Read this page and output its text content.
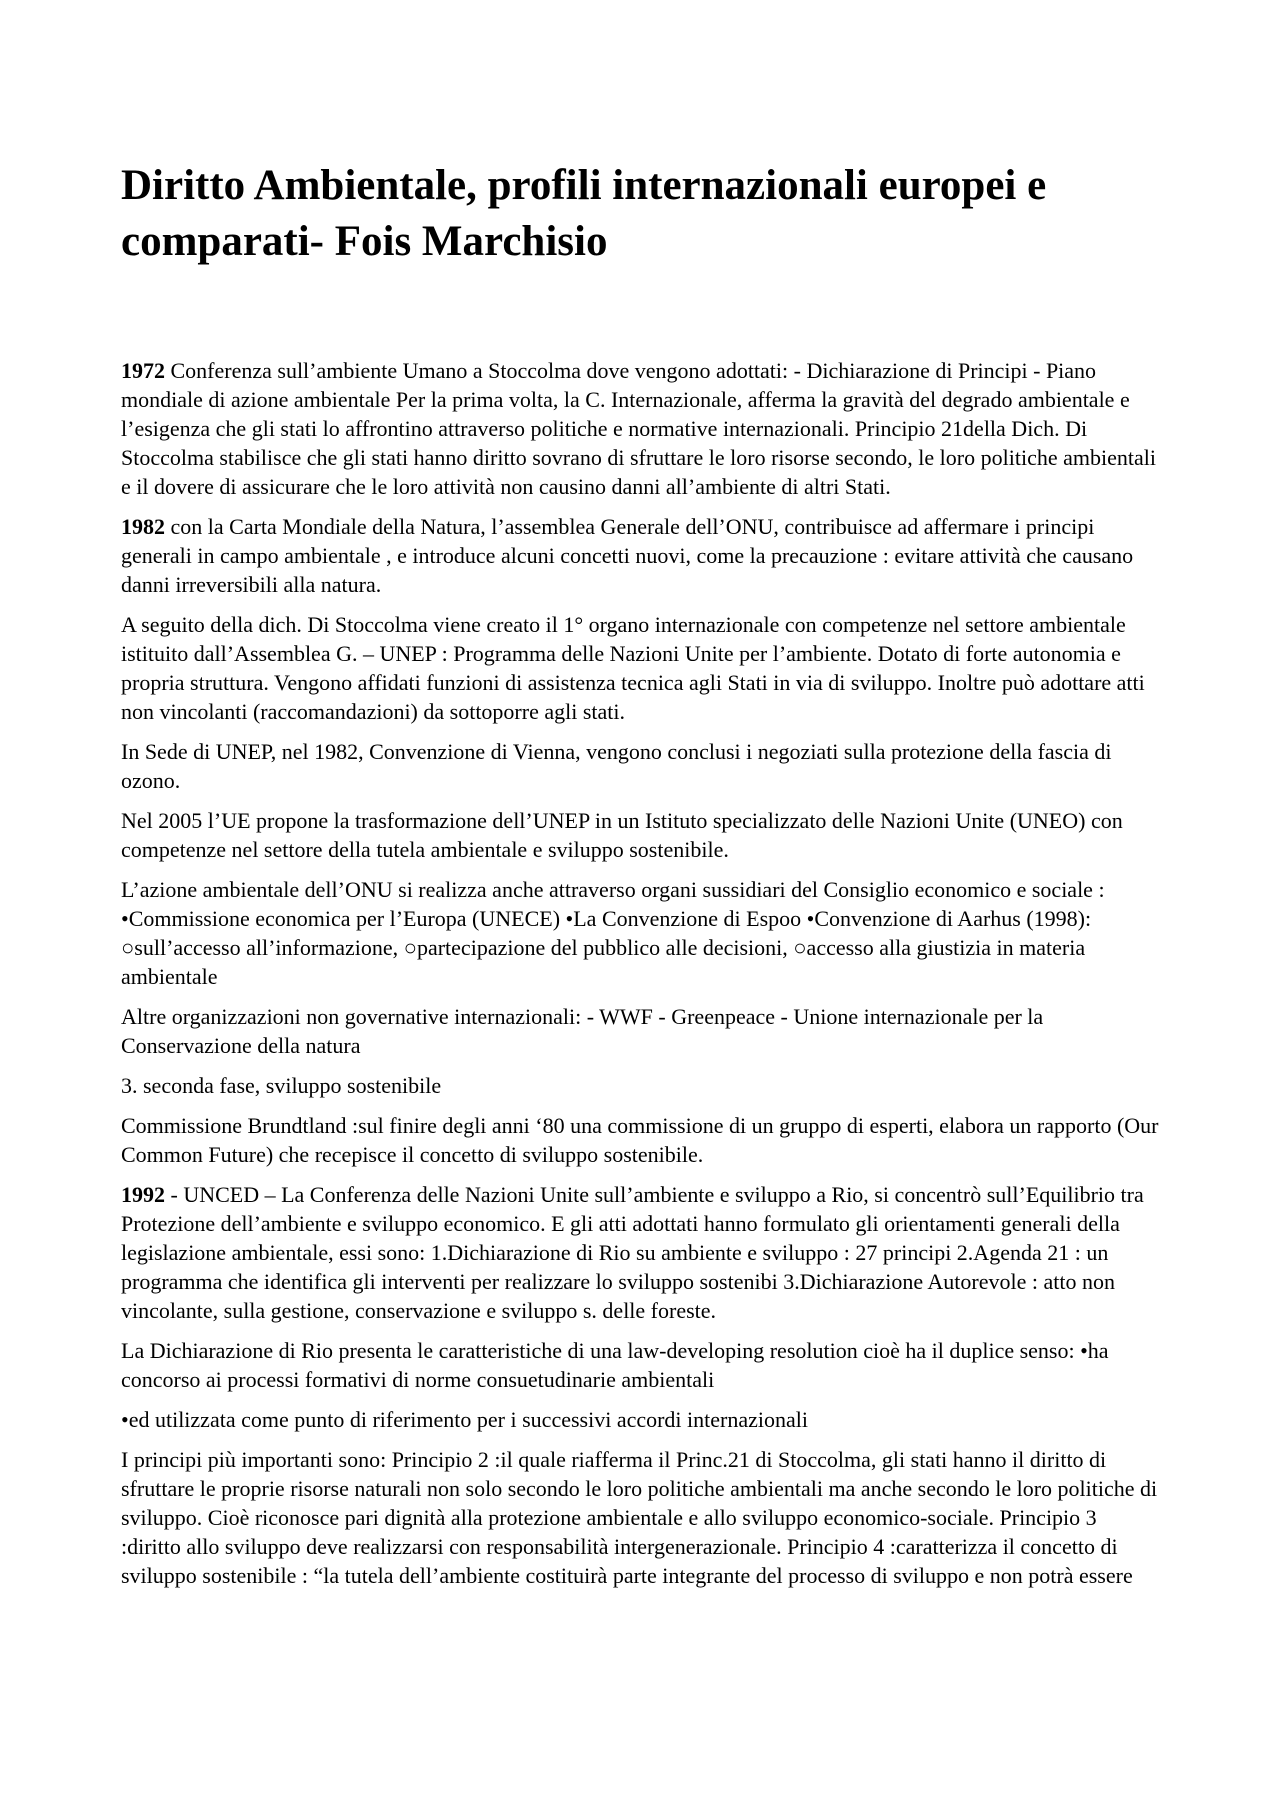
Diritto Ambientale, profili internazionali europei e comparati- Fois Marchisio

1972 Conferenza sull’ambiente Umano a Stoccolma dove vengono adottati: - Dichiarazione di Principi - Piano mondiale di azione ambientale Per la prima volta, la C. Internazionale, afferma la gravità del degrado ambientale e l’esigenza che gli stati lo affrontino attraverso politiche e normative internazionali. Principio 21della Dich. Di Stoccolma stabilisce che gli stati hanno diritto sovrano di sfruttare le loro risorse secondo, le loro politiche ambientali e il dovere di assicurare che le loro attività non causino danni all’ambiente di altri Stati.

1982 con la Carta Mondiale della Natura, l’assemblea Generale dell’ONU, contribuisce ad affermare i principi generali in campo ambientale , e introduce alcuni concetti nuovi, come la precauzione : evitare attività che causano danni irreversibili alla natura.

A seguito della dich. Di Stoccolma viene creato il 1° organo internazionale con competenze nel settore ambientale istituito dall’Assemblea G. – UNEP : Programma delle Nazioni Unite per l’ambiente. Dotato di forte autonomia e propria struttura. Vengono affidati funzioni di assistenza tecnica agli Stati in via di sviluppo. Inoltre può adottare atti non vincolanti (raccomandazioni) da sottoporre agli stati.

In Sede di UNEP, nel 1982, Convenzione di Vienna, vengono conclusi i negoziati sulla protezione della fascia di ozono.

Nel 2005 l’UE propone la trasformazione dell’UNEP in un Istituto specializzato delle Nazioni Unite (UNEO) con competenze nel settore della tutela ambientale e sviluppo sostenibile.

L’azione ambientale dell’ONU si realizza anche attraverso organi sussidiari del Consiglio economico e sociale : •Commissione economica per l’Europa (UNECE) •La Convenzione di Espoo •Convenzione di Aarhus (1998): ○sull’accesso all’informazione, ○partecipazione del pubblico alle decisioni, ○accesso alla giustizia in materia ambientale

Altre organizzazioni non governative internazionali: - WWF - Greenpeace - Unione internazionale per la Conservazione della natura

3. seconda fase, sviluppo sostenibile

Commissione Brundtland :sul finire degli anni ‘80 una commissione di un gruppo di esperti, elabora un rapporto (Our Common Future) che recepisce il concetto di sviluppo sostenibile.

1992 - UNCED – La Conferenza delle Nazioni Unite sull’ambiente e sviluppo a Rio, si concentrò sull’Equilibrio tra Protezione dell’ambiente e sviluppo economico. E gli atti adottati hanno formulato gli orientamenti generali della legislazione ambientale, essi sono: 1.Dichiarazione di Rio su ambiente e sviluppo : 27 principi 2.Agenda 21 : un programma che identifica gli interventi per realizzare lo sviluppo sostenibi 3.Dichiarazione Autorevole : atto non vincolante, sulla gestione, conservazione e sviluppo s. delle foreste.

La Dichiarazione di Rio presenta le caratteristiche di una law-developing resolution cioè ha il duplice senso: •ha concorso ai processi formativi di norme consuetudinarie ambientali

•ed utilizzata come punto di riferimento per i successivi accordi internazionali

I principi più importanti sono: Principio 2 :il quale riafferma il Princ.21 di Stoccolma, gli stati hanno il diritto di sfruttare le proprie risorse naturali non solo secondo le loro politiche ambientali ma anche secondo le loro politiche di sviluppo. Cioè riconosce pari dignità alla protezione ambientale e allo sviluppo economico-sociale. Principio 3 :diritto allo sviluppo deve realizzarsi con responsabilità intergenerazionale. Principio 4 :caratterizza il concetto di sviluppo sostenibile : “la tutela dell’ambiente costituirà parte integrante del processo di sviluppo e non potrà essere
